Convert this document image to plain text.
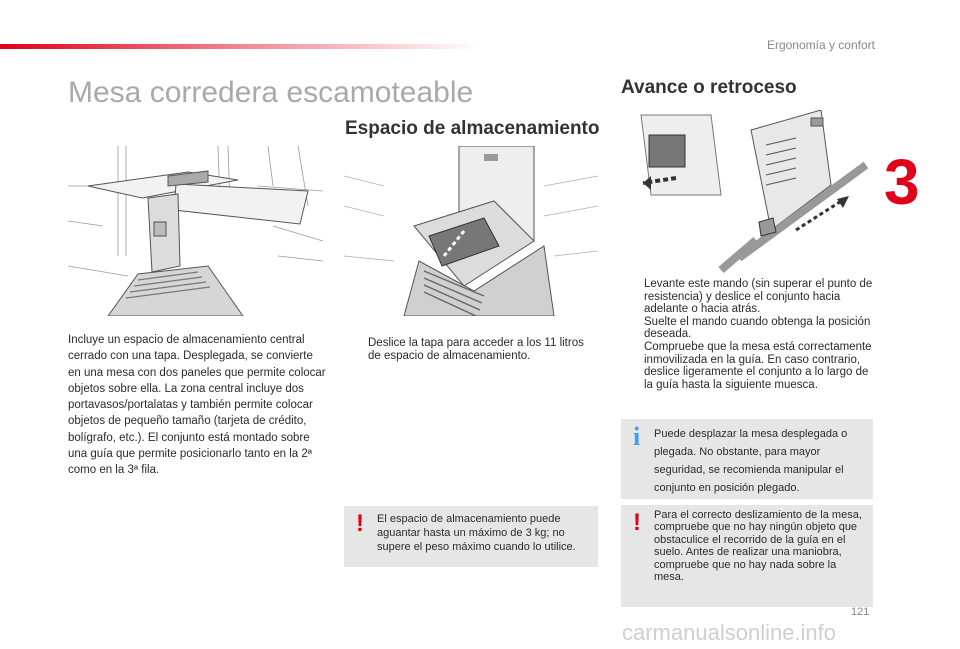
Ergonomía y confort
3
Mesa corredera escamoteable	Avance o retroceso
Espacio de almacenamiento
Incluye un espacio de almacenamiento central cerrado con una tapa. Desplegada, se convierte en una mesa con dos paneles que permite colocar objetos sobre ella. La zona central incluye dos portavasos/portalatas y también permite colocar objetos de pequeño tamaño (tarjeta de crédito, bolígrafo, etc.). El conjunto está montado sobre una guía que permite posicionarlo tanto en la 2ª como en la 3ª fila.
Deslice la tapa para acceder a los 11 litros de espacio de almacenamiento.
Levante este mando (sin superar el punto de resistencia) y deslice el conjunto hacia adelante o hacia atrás.
Suelte el mando cuando obtenga la posición deseada.
Compruebe que la mesa está correctamente inmovilizada en la guía. En caso contrario, deslice ligeramente el conjunto a lo largo de la guía hasta la siguiente muesca.
! El espacio de almacenamiento puede aguantar hasta un máximo de 3 kg; no supere el peso máximo cuando lo utilice.
i Puede desplazar la mesa desplegada o plegada. No obstante, para mayor seguridad, se recomienda manipular el conjunto en posición plegado.
! Para el correcto deslizamiento de la mesa, compruebe que no hay ningún objeto que obstaculice el recorrido de la guía en el suelo. Antes de realizar una maniobra, compruebe que no hay nada sobre la mesa.
121
carmanualsonline.info
